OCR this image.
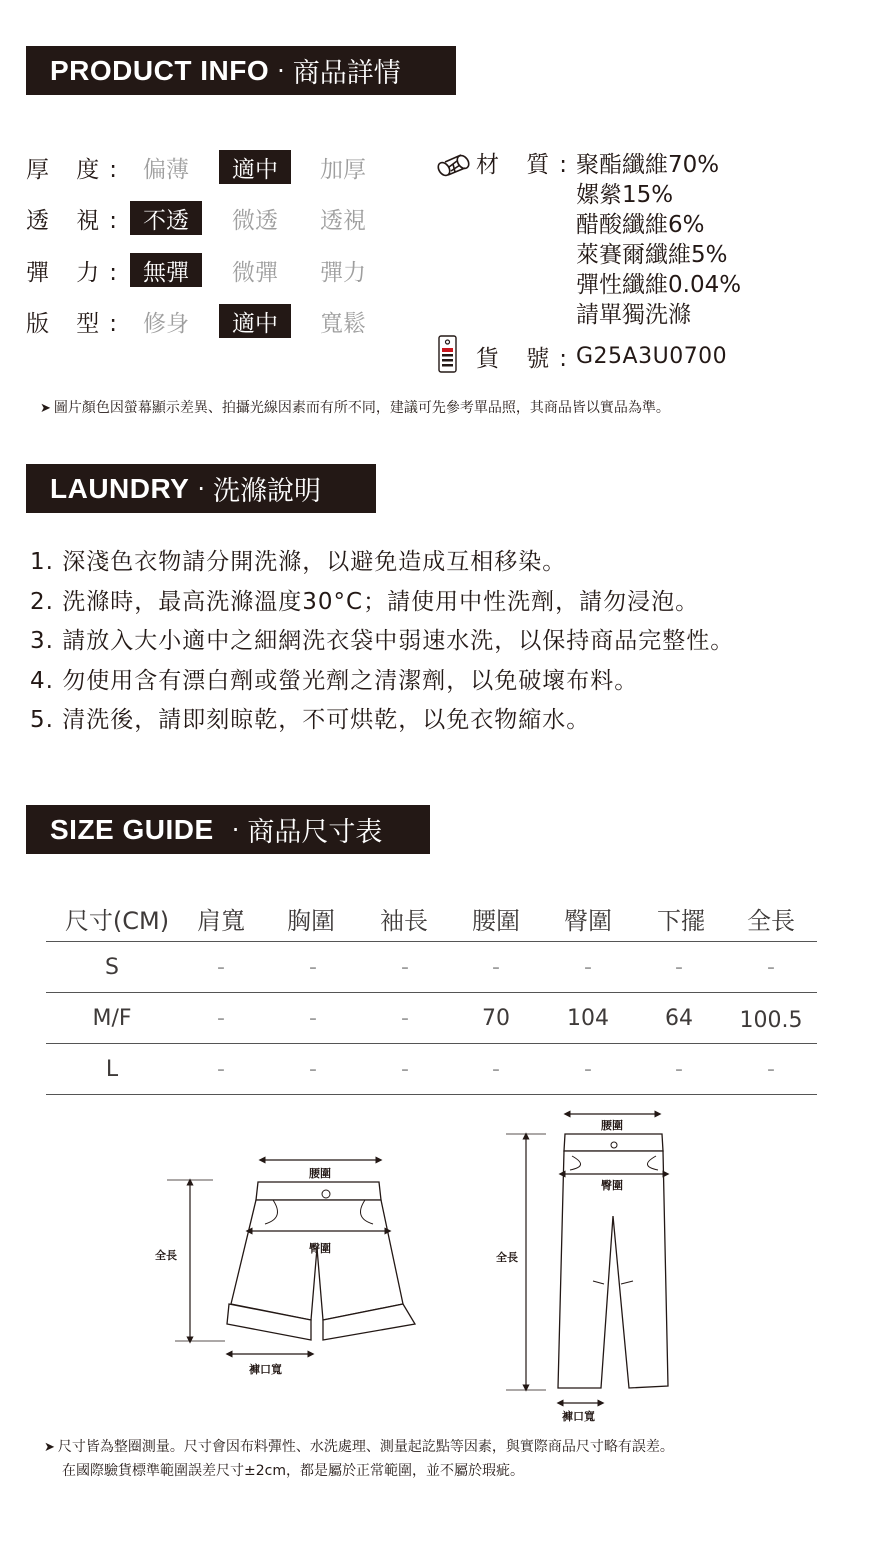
PRODUCT INFO · 商品詳情
厚 度: 偏薄	適中	加厚
透 視: 不透	微透	透視
彈 力: 無彈	微彈	彈力
版 型: 修身	適中	寬鬆
材 質:
聚酯纖維70%
嫘縈15%
醋酸纖維6%
萊賽爾纖維5%
彈性纖維0.04%
請單獨洗滌
貨 號:
G25A3U0700
➤ 圖片顏色因螢幕顯示差異、拍攝光線因素而有所不同，建議可先參考單品照，其商品皆以實品為準。
LAUNDRY · 洗滌說明
1. 深淺色衣物請分開洗滌，以避免造成互相移染。
2. 洗滌時，最高洗滌溫度30°C；請使用中性洗劑，請勿浸泡。
3. 請放入大小適中之細網洗衣袋中弱速水洗，以保持商品完整性。
4. 勿使用含有漂白劑或螢光劑之清潔劑，以免破壞布料。
5. 清洗後，請即刻晾乾，不可烘乾，以免衣物縮水。
SIZE GUIDE · 商品尺寸表
尺寸(CM)	肩寬	胸圍	袖長	腰圍	臀圍	下擺	全長
S	-	-	-	-	-	-	-
M/F	-	-	-	70	104	64	100.5
L	-	-	-	-	-	-	-
腰圍
全長
臀圍
褲口寬
腰圍
全長
臀圍
褲口寬
➤ 尺寸皆為整圈測量。尺寸會因布料彈性、水洗處理、測量起訖點等因素，與實際商品尺寸略有誤差。
在國際驗貨標準範圍誤差尺寸±2cm，都是屬於正常範圍，並不屬於瑕疵。
